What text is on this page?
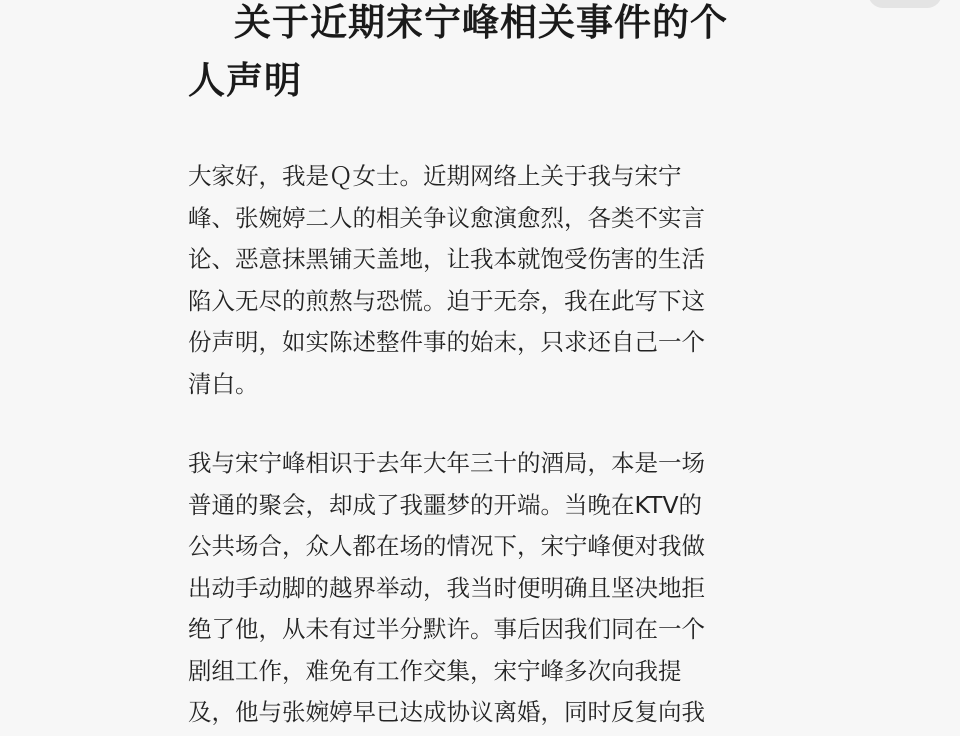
关于近期宋宁峰相关事件的个
人声明

大家好，我是Ｑ女士。近期网络上关于我与宋宁
峰、张婉婷二人的相关争议愈演愈烈，各类不实言
论、恶意抹黑铺天盖地，让我本就饱受伤害的生活
陷入无尽的煎熬与恐慌。迫于无奈，我在此写下这
份声明，如实陈述整件事的始末，只求还自己一个
清白。

我与宋宁峰相识于去年大年三十的酒局，本是一场
普通的聚会，却成了我噩梦的开端。当晚在KTV的
公共场合，众人都在场的情况下，宋宁峰便对我做
出动手动脚的越界举动，我当时便明确且坚决地拒
绝了他，从未有过半分默许。事后因我们同在一个
剧组工作，难免有工作交集，宋宁峰多次向我提
及，他与张婉婷早已达成协议离婚，同时反复向我
